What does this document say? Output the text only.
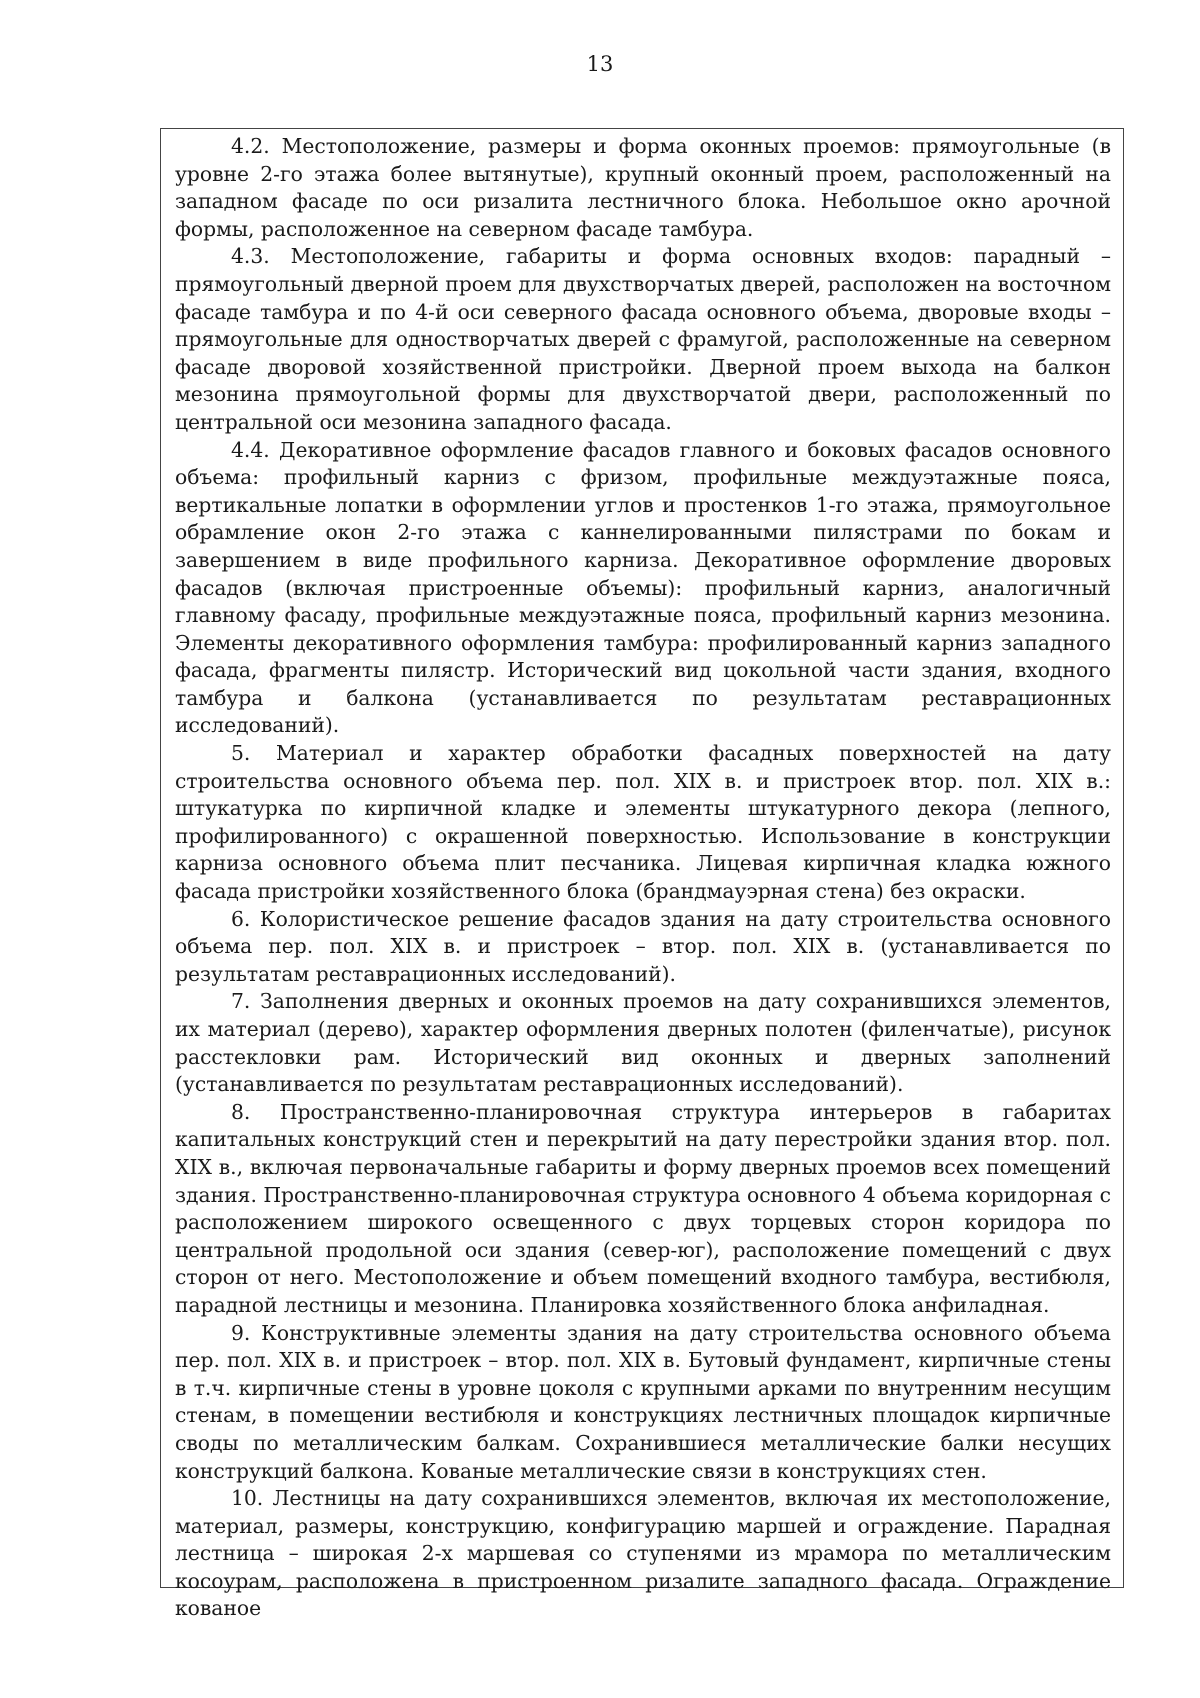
13

4.2. Местоположение, размеры и форма оконных проемов: прямоугольные (в уровне 2-го этажа более вытянутые), крупный оконный проем, расположенный на западном фасаде по оси ризалита лестничного блока. Небольшое окно арочной формы, расположенное на северном фасаде тамбура.

4.3. Местоположение, габариты и форма основных входов: парадный – прямоугольный дверной проем для двухстворчатых дверей, расположен на восточном фасаде тамбура и по 4-й оси северного фасада основного объема, дворовые входы – прямоугольные для одностворчатых дверей с фрамугой, расположенные на северном фасаде дворовой хозяйственной пристройки. Дверной проем выхода на балкон мезонина прямоугольной формы для двухстворчатой двери, расположенный по центральной оси мезонина западного фасада.

4.4. Декоративное оформление фасадов главного и боковых фасадов основного объема: профильный карниз с фризом, профильные междуэтажные пояса, вертикальные лопатки в оформлении углов и простенков 1-го этажа, прямоугольное обрамление окон 2-го этажа с каннелированными пилястрами по бокам и завершением в виде профильного карниза. Декоративное оформление дворовых фасадов (включая пристроенные объемы): профильный карниз, аналогичный главному фасаду, профильные междуэтажные пояса, профильный карниз мезонина. Элементы декоративного оформления тамбура: профилированный карниз западного фасада, фрагменты пилястр. Исторический вид цокольной части здания, входного тамбура и балкона (устанавливается по результатам реставрационных исследований).

5. Материал и характер обработки фасадных поверхностей на дату строительства основного объема пер. пол. XIX в. и пристроек втор. пол. XIX в.: штукатурка по кирпичной кладке и элементы штукатурного декора (лепного, профилированного) с окрашенной поверхностью. Использование в конструкции карниза основного объема плит песчаника. Лицевая кирпичная кладка южного фасада пристройки хозяйственного блока (брандмауэрная стена) без окраски.

6. Колористическое решение фасадов здания на дату строительства основного объема пер. пол. XIX в. и пристроек – втор. пол. XIX в. (устанавливается по результатам реставрационных исследований).

7. Заполнения дверных и оконных проемов на дату сохранившихся элементов, их материал (дерево), характер оформления дверных полотен (филенчатые), рисунок расстекловки рам. Исторический вид оконных и дверных заполнений (устанавливается по результатам реставрационных исследований).

8. Пространственно-планировочная структура интерьеров в габаритах капитальных конструкций стен и перекрытий на дату перестройки здания втор. пол. XIX в., включая первоначальные габариты и форму дверных проемов всех помещений здания. Пространственно-планировочная структура основного 4 объема коридорная с расположением широкого освещенного с двух торцевых сторон коридора по центральной продольной оси здания (север-юг), расположение помещений с двух сторон от него. Местоположение и объем помещений входного тамбура, вестибюля, парадной лестницы и мезонина. Планировка хозяйственного блока анфиладная.

9. Конструктивные элементы здания на дату строительства основного объема пер. пол. XIX в. и пристроек – втор. пол. XIX в. Бутовый фундамент, кирпичные стены в т.ч. кирпичные стены в уровне цоколя с крупными арками по внутренним несущим стенам, в помещении вестибюля и конструкциях лестничных площадок кирпичные своды по металлическим балкам. Сохранившиеся металлические балки несущих конструкций балкона. Кованые металлические связи в конструкциях стен.

10. Лестницы на дату сохранившихся элементов, включая их местоположение, материал, размеры, конструкцию, конфигурацию маршей и ограждение. Парадная лестница – широкая 2-х маршевая со ступенями из мрамора по металлическим косоурам, расположена в пристроенном ризалите западного фасада. Ограждение кованое
